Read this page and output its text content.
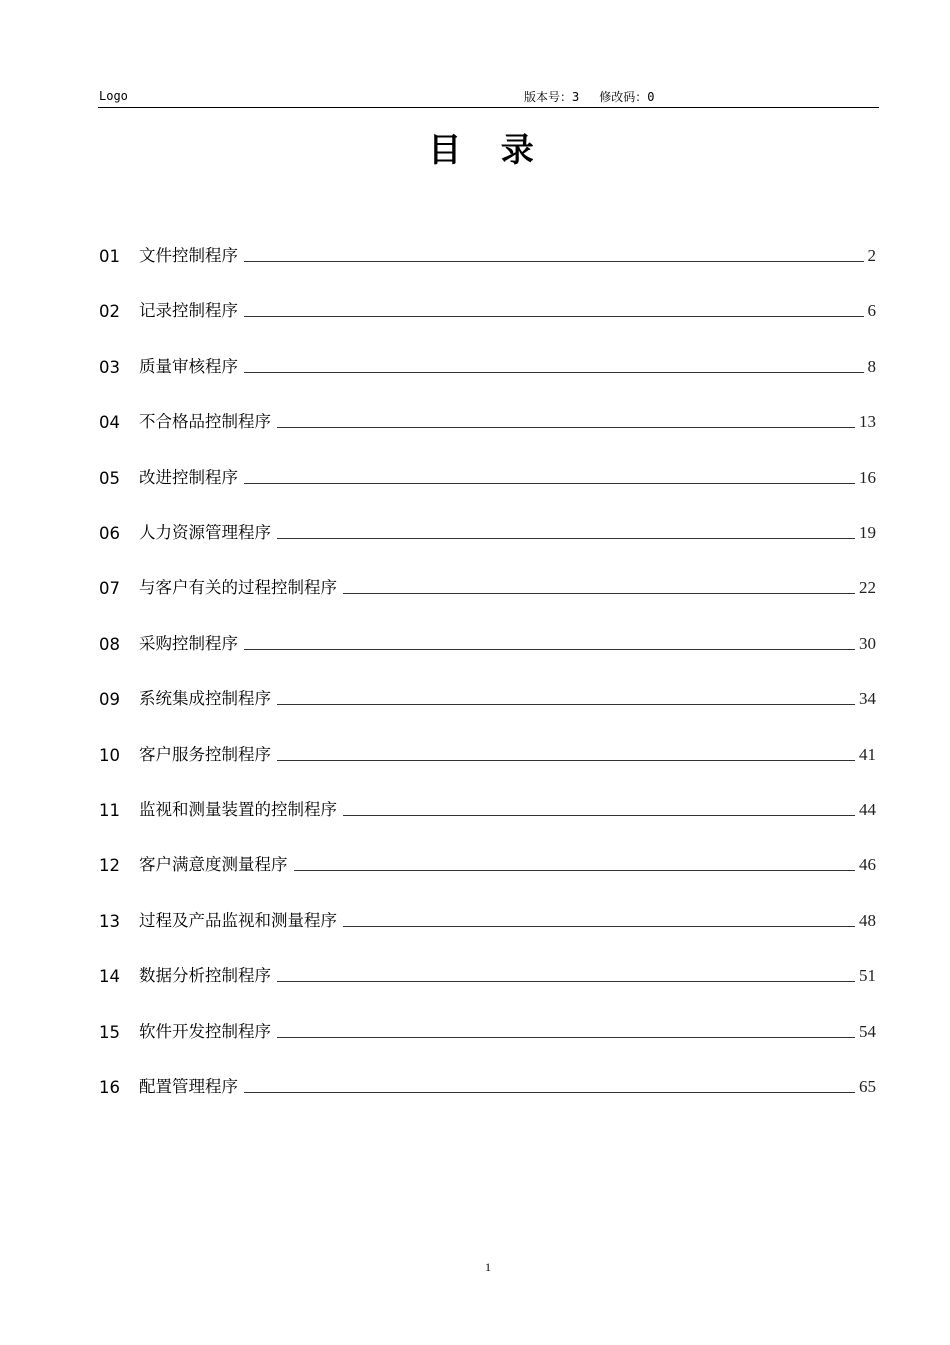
Logo	版本号：3 修改码：0
目 录
01	文件控制程序	2
02	记录控制程序	6
03	质量审核程序	8
04	不合格品控制程序	13
05	改进控制程序	16
06	人力资源管理程序	19
07	与客户有关的过程控制程序	22
08	采购控制程序	30
09	系统集成控制程序	34
10	客户服务控制程序	41
11	监视和测量装置的控制程序	44
12	客户满意度测量程序	46
13	过程及产品监视和测量程序	48
14	数据分析控制程序	51
15	软件开发控制程序	54
16	配置管理程序	65
1
